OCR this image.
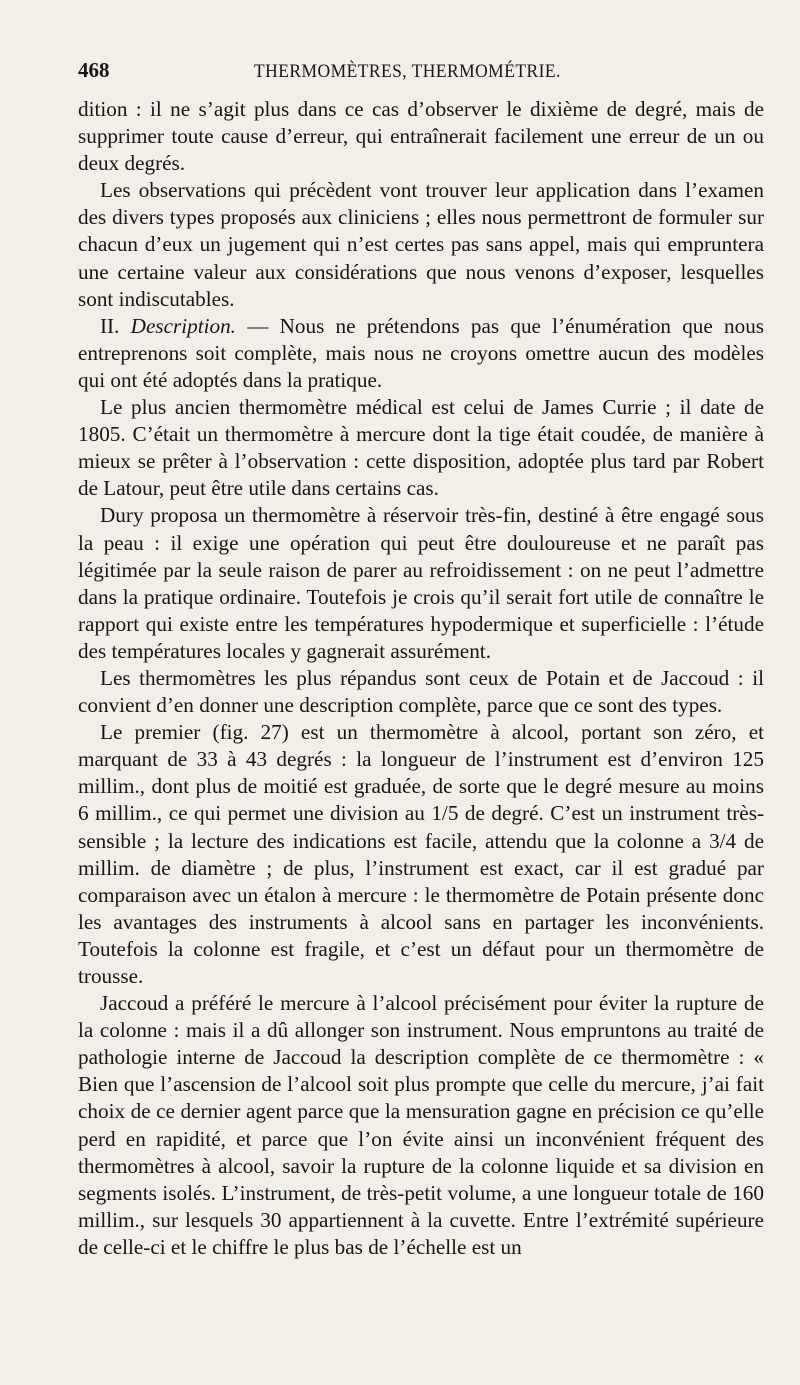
468	THERMOMÈTRES, THERMOMÉTRIE.

dition : il ne s’agit plus dans ce cas d’observer le dixième de degré, mais de supprimer toute cause d’erreur, qui entraînerait facilement une erreur de un ou deux degrés.

Les observations qui précèdent vont trouver leur application dans l’examen des divers types proposés aux cliniciens ; elles nous permettront de formuler sur chacun d’eux un jugement qui n’est certes pas sans appel, mais qui empruntera une certaine valeur aux considérations que nous venons d’exposer, lesquelles sont indiscutables.

II. Description. — Nous ne prétendons pas que l’énumération que nous entreprenons soit complète, mais nous ne croyons omettre aucun des modèles qui ont été adoptés dans la pratique.

Le plus ancien thermomètre médical est celui de James Currie ; il date de 1805. C’était un thermomètre à mercure dont la tige était coudée, de manière à mieux se prêter à l’observation : cette disposition, adoptée plus tard par Robert de Latour, peut être utile dans certains cas.

Dury proposa un thermomètre à réservoir très-fin, destiné à être engagé sous la peau : il exige une opération qui peut être douloureuse et ne paraît pas légitimée par la seule raison de parer au refroidissement : on ne peut l’admettre dans la pratique ordinaire. Toutefois je crois qu’il serait fort utile de connaître le rapport qui existe entre les températures hypodermique et superficielle : l’étude des températures locales y gagnerait assurément.

Les thermomètres les plus répandus sont ceux de Potain et de Jaccoud : il convient d’en donner une description complète, parce que ce sont des types.

Le premier (fig. 27) est un thermomètre à alcool, portant son zéro, et marquant de 33 à 43 degrés : la longueur de l’instrument est d’environ 125 millim., dont plus de moitié est graduée, de sorte que le degré mesure au moins 6 millim., ce qui permet une division au 1/5 de degré. C’est un instrument très-sensible ; la lecture des indications est facile, attendu que la colonne a 3/4 de millim. de diamètre ; de plus, l’instrument est exact, car il est gradué par comparaison avec un étalon à mercure : le thermomètre de Potain présente donc les avantages des instruments à alcool sans en partager les inconvénients. Toutefois la colonne est fragile, et c’est un défaut pour un thermomètre de trousse.

Jaccoud a préféré le mercure à l’alcool précisément pour éviter la rupture de la colonne : mais il a dû allonger son instrument. Nous empruntons au traité de pathologie interne de Jaccoud la description complète de ce thermomètre : « Bien que l’ascension de l’alcool soit plus prompte que celle du mercure, j’ai fait choix de ce dernier agent parce que la mensuration gagne en précision ce qu’elle perd en rapidité, et parce que l’on évite ainsi un inconvénient fréquent des thermomètres à alcool, savoir la rupture de la colonne liquide et sa division en segments isolés. L’instrument, de très-petit volume, a une longueur totale de 160 millim., sur lesquels 30 appartiennent à la cuvette. Entre l’extrémité supérieure de celle-ci et le chiffre le plus bas de l’échelle est un
